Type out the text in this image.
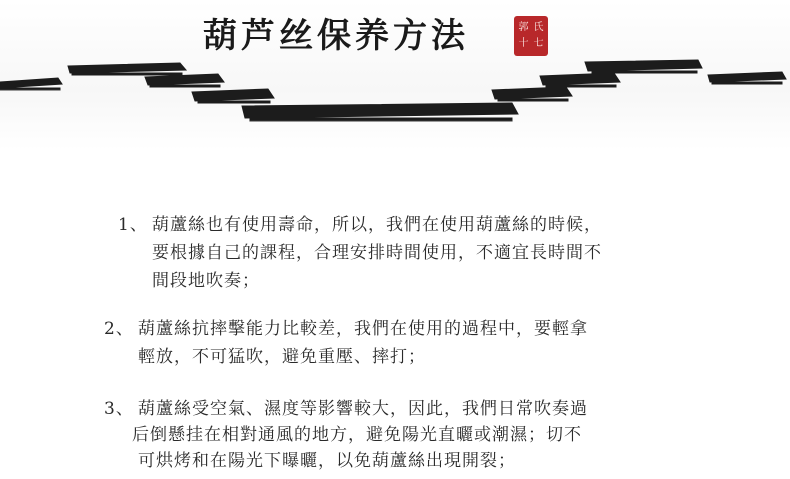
葫芦丝保养方法	郭 氏
十 七
1、 葫蘆絲也有使用壽命，所以，我們在使用葫蘆絲的時候，
要根據自己的課程，合理安排時間使用，不適宜長時間不
間段地吹奏；
2、 葫蘆絲抗摔擊能力比較差，我們在使用的過程中，要輕拿
輕放，不可猛吹，避免重壓、摔打；
3、 葫蘆絲受空氣、濕度等影響較大，因此，我們日常吹奏過
后倒懸挂在相對通風的地方，避免陽光直曬或潮濕；切不
可烘烤和在陽光下曝曬，以免葫蘆絲出現開裂；
